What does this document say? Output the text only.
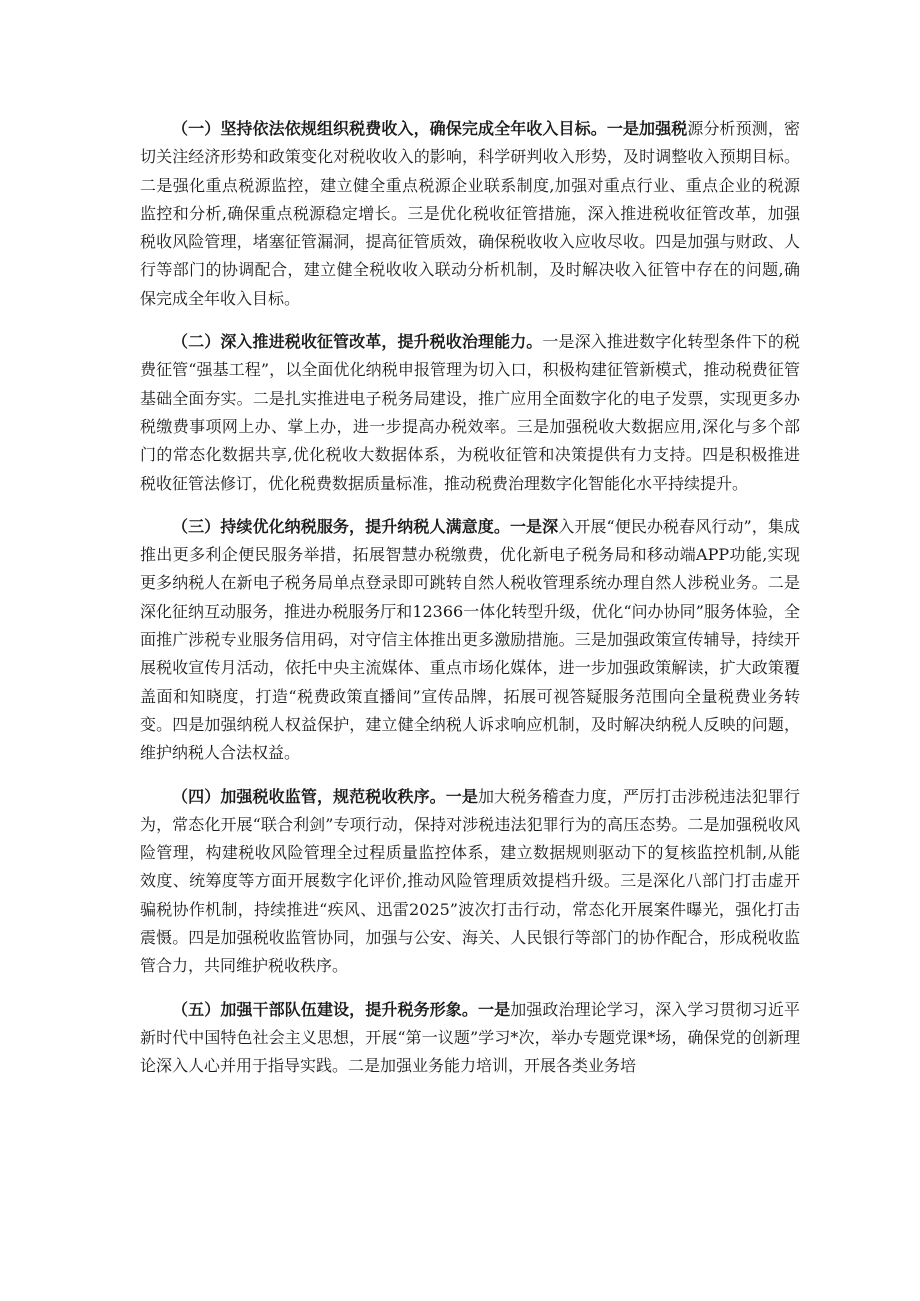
（一）坚持依法依规组织税费收入，确保完成全年收入目标。一是加强税源分析预测，密切关注经济形势和政策变化对税收收入的影响，科学研判收入形势，及时调整收入预期目标。二是强化重点税源监控，建立健全重点税源企业联系制度,加强对重点行业、重点企业的税源监控和分析,确保重点税源稳定增长。三是优化税收征管措施，深入推进税收征管改革，加强税收风险管理，堵塞征管漏洞，提高征管质效，确保税收收入应收尽收。四是加强与财政、人行等部门的协调配合，建立健全税收收入联动分析机制，及时解决收入征管中存在的问题,确保完成全年收入目标。

（二）深入推进税收征管改革，提升税收治理能力。一是深入推进数字化转型条件下的税费征管“强基工程”，以全面优化纳税申报管理为切入口，积极构建征管新模式，推动税费征管基础全面夯实。二是扎实推进电子税务局建设，推广应用全面数字化的电子发票，实现更多办税缴费事项网上办、掌上办，进一步提高办税效率。三是加强税收大数据应用,深化与多个部门的常态化数据共享,优化税收大数据体系，为税收征管和决策提供有力支持。四是积极推进税收征管法修订，优化税费数据质量标准，推动税费治理数字化智能化水平持续提升。

（三）持续优化纳税服务，提升纳税人满意度。一是深入开展“便民办税春风行动”，集成推出更多利企便民服务举措，拓展智慧办税缴费，优化新电子税务局和移动端APP功能,实现更多纳税人在新电子税务局单点登录即可跳转自然人税收管理系统办理自然人涉税业务。二是深化征纳互动服务，推进办税服务厅和12366一体化转型升级，优化“问办协同”服务体验，全面推广涉税专业服务信用码，对守信主体推出更多激励措施。三是加强政策宣传辅导，持续开展税收宣传月活动，依托中央主流媒体、重点市场化媒体，进一步加强政策解读，扩大政策覆盖面和知晓度，打造“税费政策直播间”宣传品牌，拓展可视答疑服务范围向全量税费业务转变。四是加强纳税人权益保护，建立健全纳税人诉求响应机制，及时解决纳税人反映的问题，维护纳税人合法权益。

（四）加强税收监管，规范税收秩序。一是加大税务稽查力度，严厉打击涉税违法犯罪行为，常态化开展“联合利剑”专项行动，保持对涉税违法犯罪行为的高压态势。二是加强税收风险管理，构建税收风险管理全过程质量监控体系，建立数据规则驱动下的复核监控机制,从能效度、统筹度等方面开展数字化评价,推动风险管理质效提档升级。三是深化八部门打击虚开骗税协作机制，持续推进“疾风、迅雷2025”波次打击行动，常态化开展案件曝光，强化打击震慑。四是加强税收监管协同，加强与公安、海关、人民银行等部门的协作配合，形成税收监管合力，共同维护税收秩序。

（五）加强干部队伍建设，提升税务形象。一是加强政治理论学习，深入学习贯彻习近平新时代中国特色社会主义思想，开展“第一议题”学习*次，举办专题党课*场，确保党的创新理论深入人心并用于指导实践。二是加强业务能力培训，开展各类业务培
